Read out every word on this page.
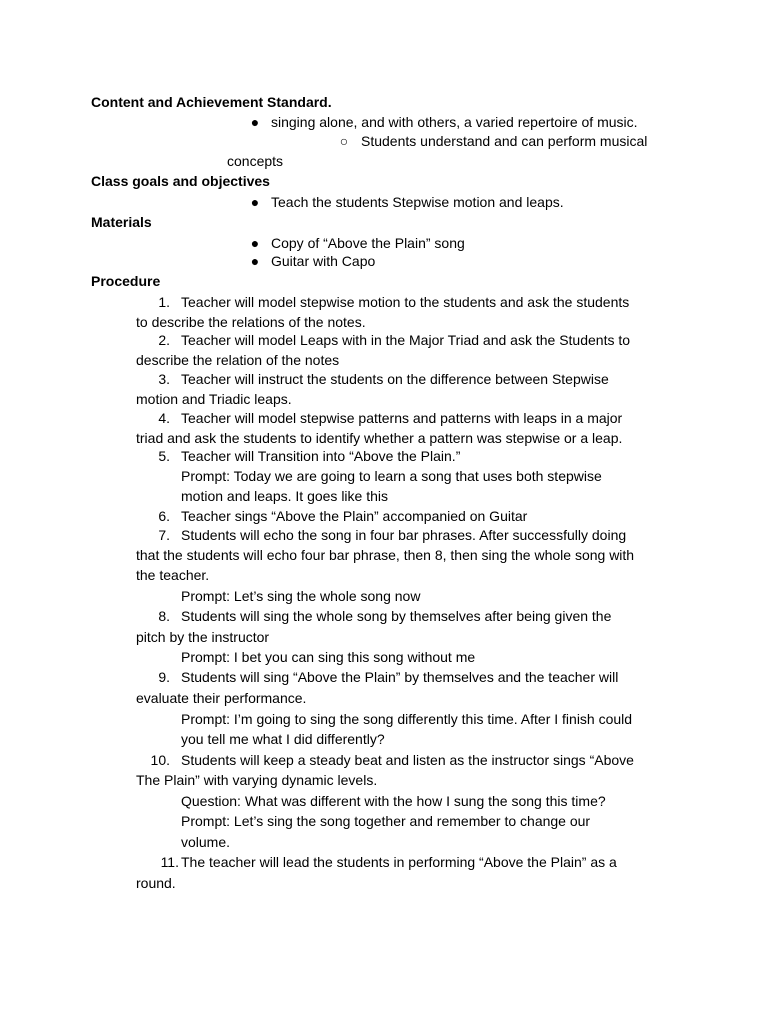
Content and Achievement Standard.
● singing alone, and with others, a varied repertoire of music.
○ Students understand and can perform musical
concepts
Class goals and objectives
● Teach the students Stepwise motion and leaps.
Materials
● Copy of “Above the Plain” song
● Guitar with Capo
Procedure
1. Teacher will model stepwise motion to the students and ask the students
to describe the relations of the notes.
2. Teacher will model Leaps with in the Major Triad and ask the Students to
describe the relation of the notes
3. Teacher will instruct the students on the difference between Stepwise
motion and Triadic leaps.
4. Teacher will model stepwise patterns and patterns with leaps in a major
triad and ask the students to identify whether a pattern was stepwise or a leap.
5. Teacher will Transition into “Above the Plain.”
Prompt: Today we are going to learn a song that uses both stepwise
motion and leaps. It goes like this
6. Teacher sings “Above the Plain” accompanied on Guitar
7. Students will echo the song in four bar phrases. After successfully doing
that the students will echo four bar phrase, then 8, then sing the whole song with
the teacher.
Prompt: Let’s sing the whole song now
8. Students will sing the whole song by themselves after being given the
pitch by the instructor
Prompt: I bet you can sing this song without me
9. Students will sing “Above the Plain” by themselves and the teacher will
evaluate their performance.
Prompt: I’m going to sing the song differently this time. After I finish could
you tell me what I did differently?
10. Students will keep a steady beat and listen as the instructor sings “Above
The Plain” with varying dynamic levels.
Question: What was different with the how I sung the song this time?
Prompt: Let’s sing the song together and remember to change our
volume.
11. The teacher will lead the students in performing “Above the Plain” as a
round.
